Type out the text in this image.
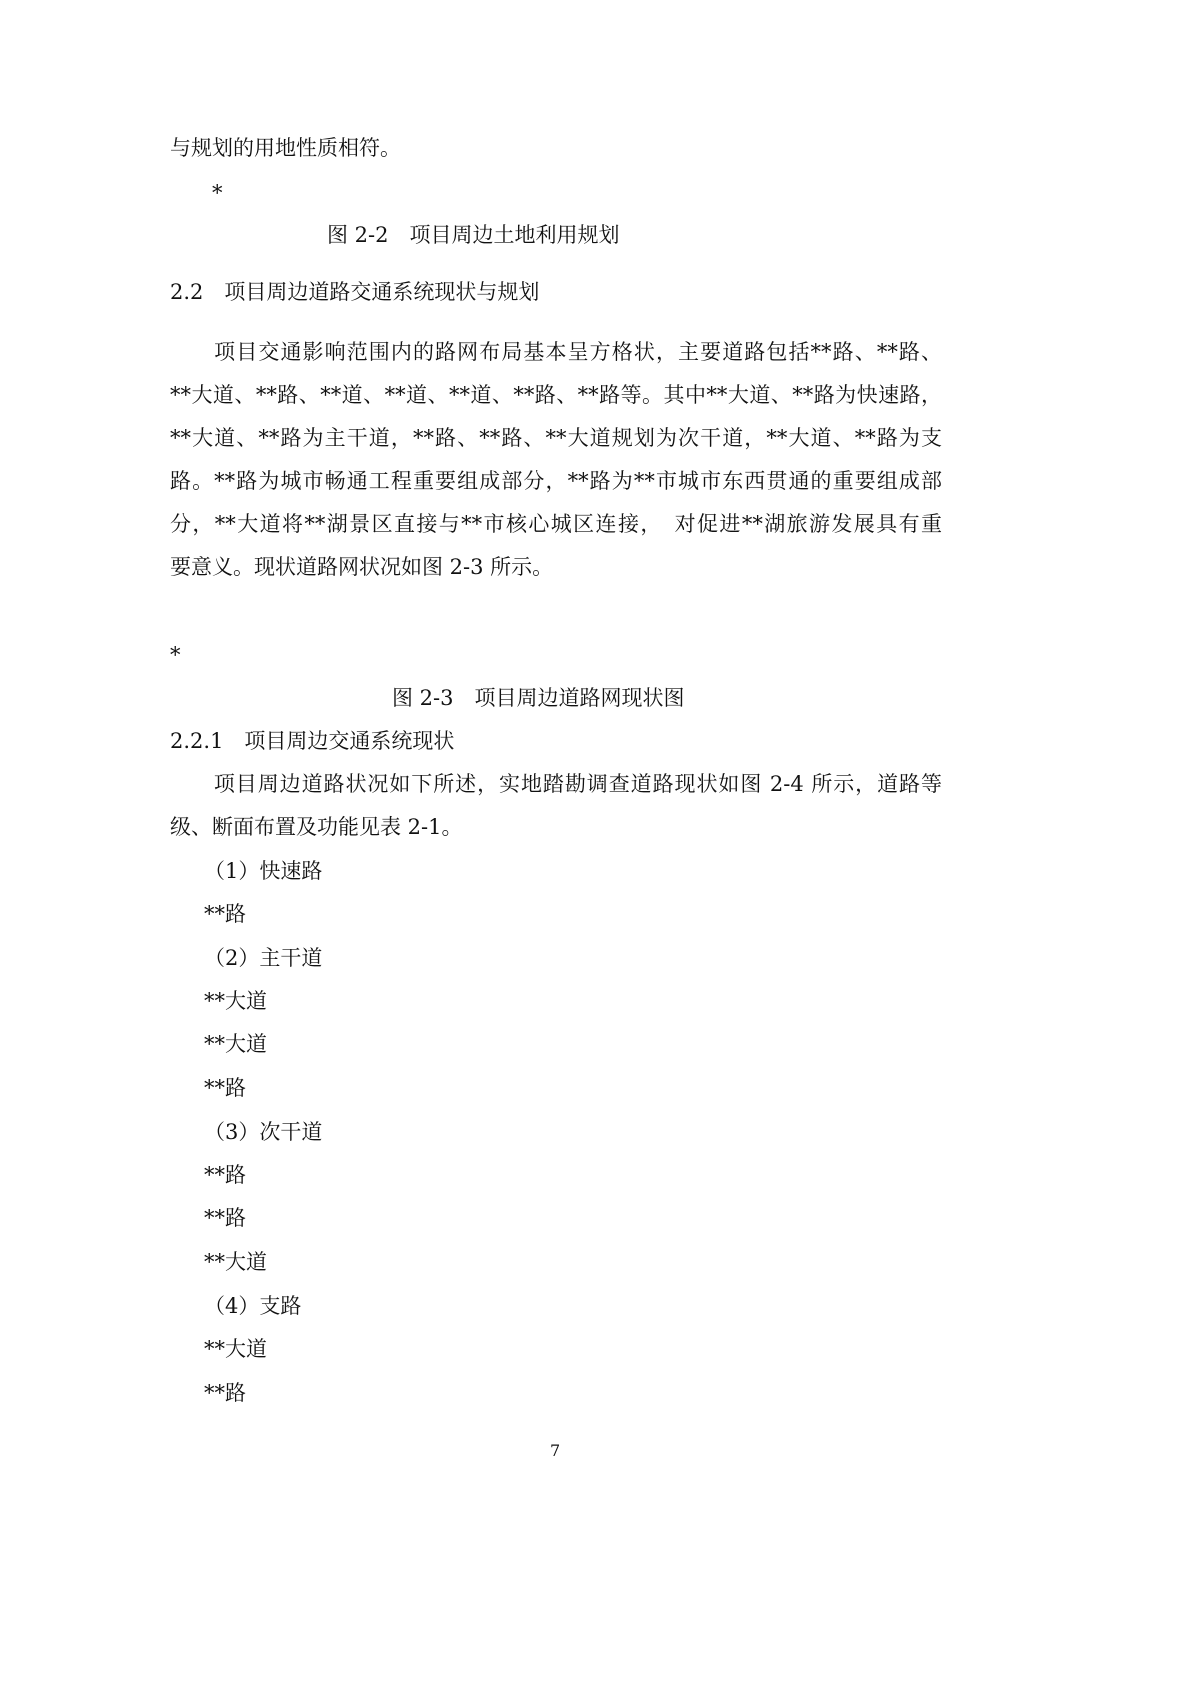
与规划的用地性质相符。
*
图 2-2　项目周边土地利用规划
2.2　项目周边道路交通系统现状与规划
　　项目交通影响范围内的路网布局基本呈方格状，主要道路包括**路、**路、
**大道、**路、**道、**道、**道、**路、**路等。其中**大道、**路为快速路，
**大道、**路为主干道，**路、**路、**大道规划为次干道，**大道、**路为支
路。**路为城市畅通工程重要组成部分，**路为**市城市东西贯通的重要组成部
分，**大道将**湖景区直接与**市核心城区连接，　对促进**湖旅游发展具有重
要意义。现状道路网状况如图 2-3 所示。
*
图 2-3　项目周边道路网现状图
2.2.1　项目周边交通系统现状
　　项目周边道路状况如下所述，实地踏勘调查道路现状如图 2-4 所示，道路等
级、断面布置及功能见表 2-1。
（1）快速路
**路
（2）主干道
**大道
**大道
**路
（3）次干道
**路
**路
**大道
（4）支路
**大道
**路
7
